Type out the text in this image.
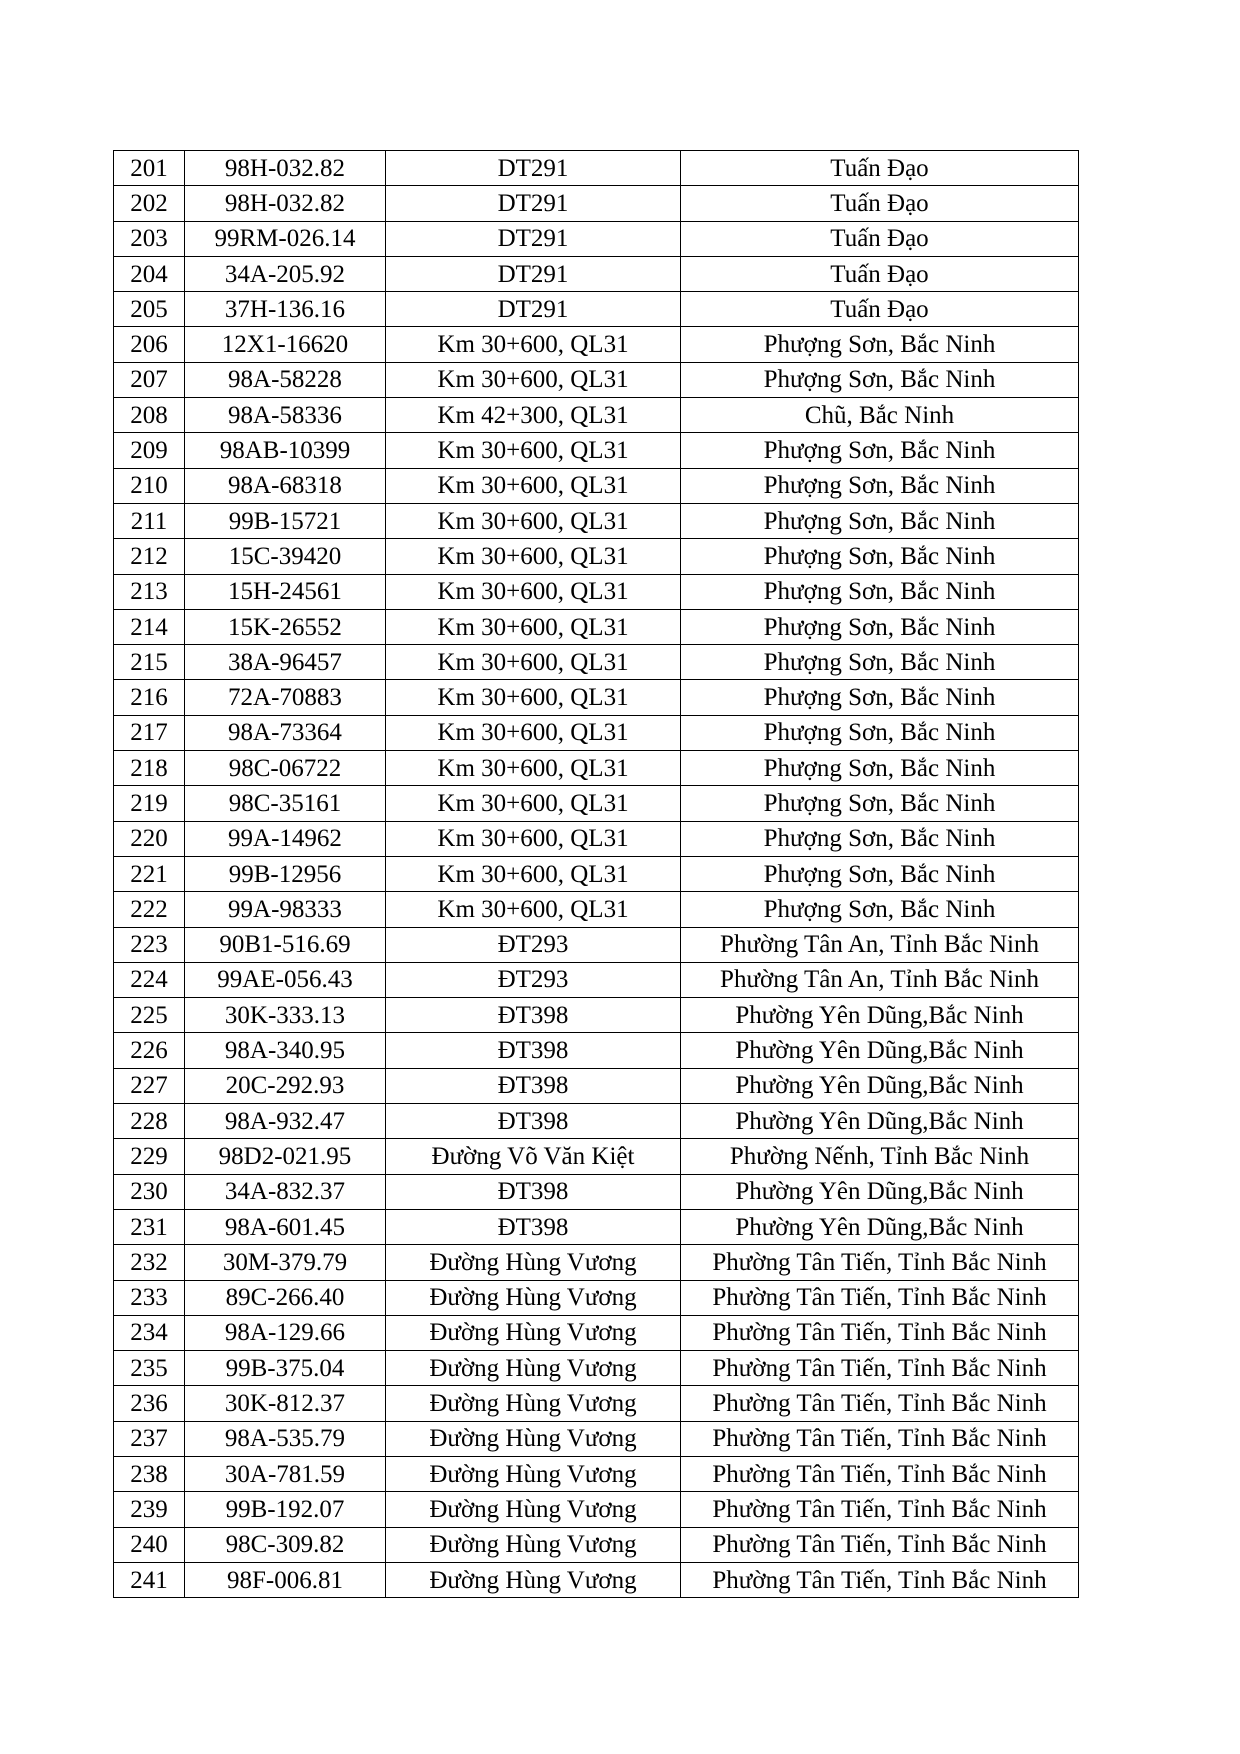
201	98H-032.82	DT291	Tuấn Đạo
202	98H-032.82	DT291	Tuấn Đạo
203	99RM-026.14	DT291	Tuấn Đạo
204	34A-205.92	DT291	Tuấn Đạo
205	37H-136.16	DT291	Tuấn Đạo
206	12X1-16620	Km 30+600, QL31	Phượng Sơn, Bắc Ninh
207	98A-58228	Km 30+600, QL31	Phượng Sơn, Bắc Ninh
208	98A-58336	Km 42+300, QL31	Chũ, Bắc Ninh
209	98AB-10399	Km 30+600, QL31	Phượng Sơn, Bắc Ninh
210	98A-68318	Km 30+600, QL31	Phượng Sơn, Bắc Ninh
211	99B-15721	Km 30+600, QL31	Phượng Sơn, Bắc Ninh
212	15C-39420	Km 30+600, QL31	Phượng Sơn, Bắc Ninh
213	15H-24561	Km 30+600, QL31	Phượng Sơn, Bắc Ninh
214	15K-26552	Km 30+600, QL31	Phượng Sơn, Bắc Ninh
215	38A-96457	Km 30+600, QL31	Phượng Sơn, Bắc Ninh
216	72A-70883	Km 30+600, QL31	Phượng Sơn, Bắc Ninh
217	98A-73364	Km 30+600, QL31	Phượng Sơn, Bắc Ninh
218	98C-06722	Km 30+600, QL31	Phượng Sơn, Bắc Ninh
219	98C-35161	Km 30+600, QL31	Phượng Sơn, Bắc Ninh
220	99A-14962	Km 30+600, QL31	Phượng Sơn, Bắc Ninh
221	99B-12956	Km 30+600, QL31	Phượng Sơn, Bắc Ninh
222	99A-98333	Km 30+600, QL31	Phượng Sơn, Bắc Ninh
223	90B1-516.69	ĐT293	Phường Tân An, Tỉnh Bắc Ninh
224	99AE-056.43	ĐT293	Phường Tân An, Tỉnh Bắc Ninh
225	30K-333.13	ĐT398	Phường Yên Dũng,Bắc Ninh
226	98A-340.95	ĐT398	Phường Yên Dũng,Bắc Ninh
227	20C-292.93	ĐT398	Phường Yên Dũng,Bắc Ninh
228	98A-932.47	ĐT398	Phường Yên Dũng,Bắc Ninh
229	98D2-021.95	Đường Võ Văn Kiệt	Phường Nếnh, Tỉnh Bắc Ninh
230	34A-832.37	ĐT398	Phường Yên Dũng,Bắc Ninh
231	98A-601.45	ĐT398	Phường Yên Dũng,Bắc Ninh
232	30M-379.79	Đường Hùng Vương	Phường Tân Tiến, Tỉnh Bắc Ninh
233	89C-266.40	Đường Hùng Vương	Phường Tân Tiến, Tỉnh Bắc Ninh
234	98A-129.66	Đường Hùng Vương	Phường Tân Tiến, Tỉnh Bắc Ninh
235	99B-375.04	Đường Hùng Vương	Phường Tân Tiến, Tỉnh Bắc Ninh
236	30K-812.37	Đường Hùng Vương	Phường Tân Tiến, Tỉnh Bắc Ninh
237	98A-535.79	Đường Hùng Vương	Phường Tân Tiến, Tỉnh Bắc Ninh
238	30A-781.59	Đường Hùng Vương	Phường Tân Tiến, Tỉnh Bắc Ninh
239	99B-192.07	Đường Hùng Vương	Phường Tân Tiến, Tỉnh Bắc Ninh
240	98C-309.82	Đường Hùng Vương	Phường Tân Tiến, Tỉnh Bắc Ninh
241	98F-006.81	Đường Hùng Vương	Phường Tân Tiến, Tỉnh Bắc Ninh
